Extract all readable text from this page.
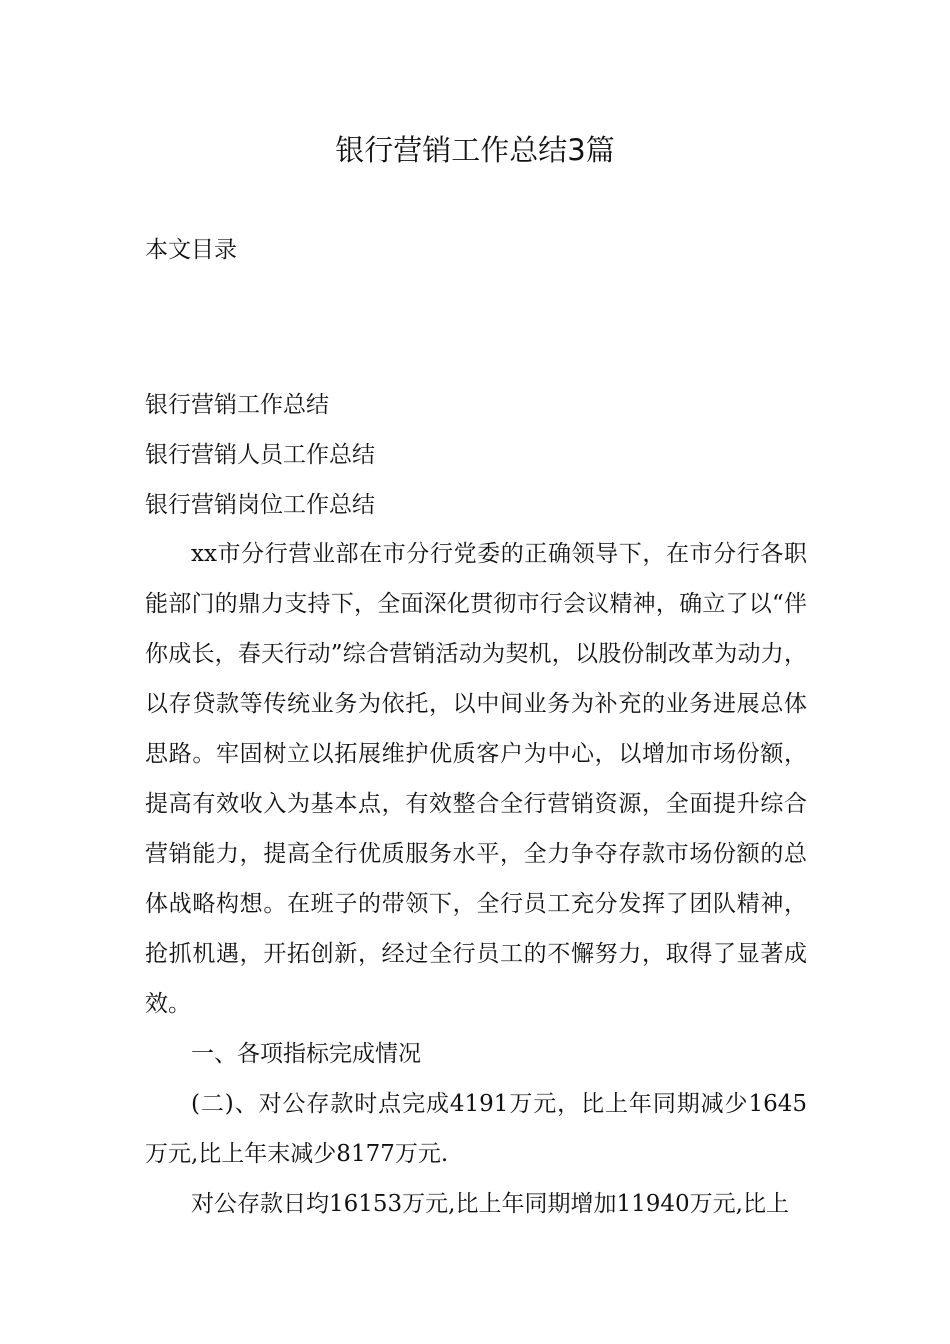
银行营销工作总结3篇
本文目录
银行营销工作总结
银行营销人员工作总结
银行营销岗位工作总结

xx市分行营业部在市分行党委的正确领导下，在市分行各职能部门的鼎力支持下，全面深化贯彻市行会议精神，确立了以“伴你成长，春天行动”综合营销活动为契机，以股份制改革为动力，以存贷款等传统业务为依托，以中间业务为补充的业务进展总体思路。牢固树立以拓展维护优质客户为中心，以增加市场份额，提高有效收入为基本点，有效整合全行营销资源，全面提升综合营销能力，提高全行优质服务水平，全力争夺存款市场份额的总体战略构想。在班子的带领下，全行员工充分发挥了团队精神，抢抓机遇，开拓创新，经过全行员工的不懈努力，取得了显著成效。

一、各项指标完成情况

(二)、对公存款时点完成4191万元，比上年同期减少1645万元,比上年末减少8177万元.

对公存款日均16153万元,比上年同期增加11940万元,比上
